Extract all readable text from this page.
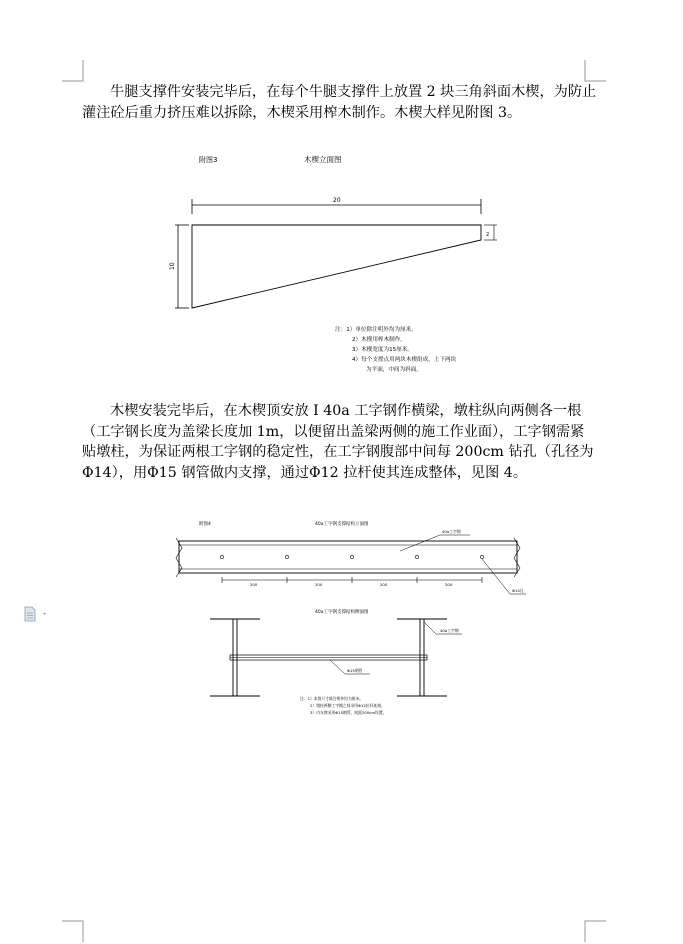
牛腿支撑件安装完毕后，在每个牛腿支撑件上放置 2 块三角斜面木楔，为防止灌注砼后重力挤压难以拆除，木楔采用榨木制作。木楔大样见附图 3。
木楔安装完毕后，在木楔顶安放 I 40a 工字钢作横梁，墩柱纵向两侧各一根（工字钢长度为盖梁长度加 1m，以便留出盖梁两侧的施工作业面），工字钢需紧贴墩柱，为保证两根工字钢的稳定性，在工字钢腹部中间每 200cm 钻孔（孔径为Φ14），用Φ15 钢管做内支撑，通过Φ12 拉杆使其连成整体，见图 4。
附图3	木楔立面图
20
2
10
注：1）单位除注明外均为厘米。
2）木楔用榨木制作。
3）木楔宽度为15厘米。
4）每个支撑点用两块木楔组成，上下两块
为平面，中间为斜面。
附图4	40a工字钢支撑结构立面图
40a工字钢
Φ14孔
200	200	200	200
40a工字钢支撑结构侧面图
40a工字钢
Φ15钢管
注：1）本图尺寸除注明外均为厘米。
2）墩柱两侧工字钢之间采用Φ12拉杆连接。
3）内支撑采用Φ15钢管，间距200cm设置。
